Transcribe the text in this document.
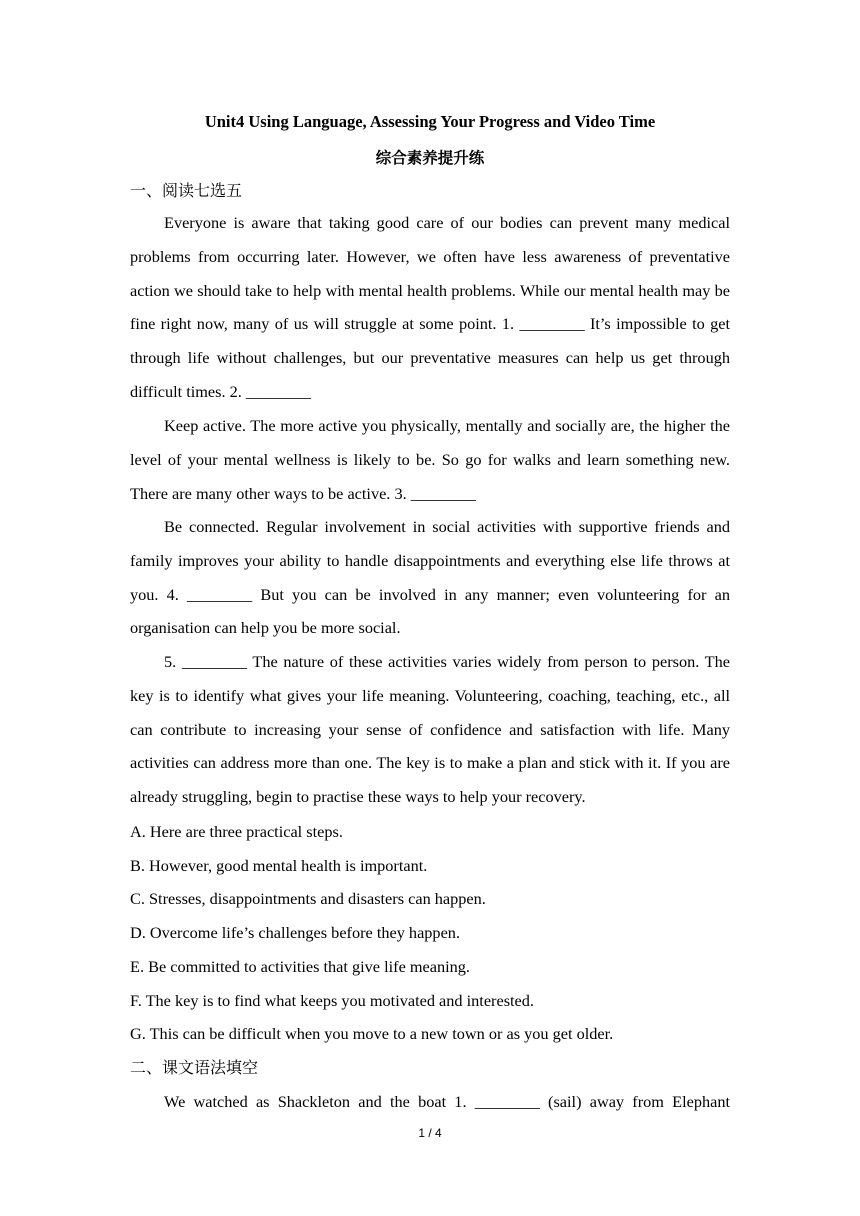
Unit4 Using Language, Assessing Your Progress and Video Time
综合素养提升练
一、阅读七选五

Everyone is aware that taking good care of our bodies can prevent many medical problems from occurring later. However, we often have less awareness of preventative action we should take to help with mental health problems. While our mental health may be fine right now, many of us will struggle at some point. 1. ________ It’s impossible to get through life without challenges, but our preventative measures can help us get through difficult times. 2. ________

Keep active. The more active you physically, mentally and socially are, the higher the level of your mental wellness is likely to be. So go for walks and learn something new. There are many other ways to be active. 3. ________

Be connected. Regular involvement in social activities with supportive friends and family improves your ability to handle disappointments and everything else life throws at you. 4. ________ But you can be involved in any manner; even volunteering for an organisation can help you be more social.

5. ________ The nature of these activities varies widely from person to person. The key is to identify what gives your life meaning. Volunteering, coaching, teaching, etc., all can contribute to increasing your sense of confidence and satisfaction with life. Many activities can address more than one. The key is to make a plan and stick with it. If you are already struggling, begin to practise these ways to help your recovery.

A. Here are three practical steps.
B. However, good mental health is important.
C. Stresses, disappointments and disasters can happen.
D. Overcome life’s challenges before they happen.
E. Be committed to activities that give life meaning.
F. The key is to find what keeps you motivated and interested.
G. This can be difficult when you move to a new town or as you get older.
二、课文语法填空

We watched as Shackleton and the boat 1. ________ (sail) away from Elephant

1 / 4
